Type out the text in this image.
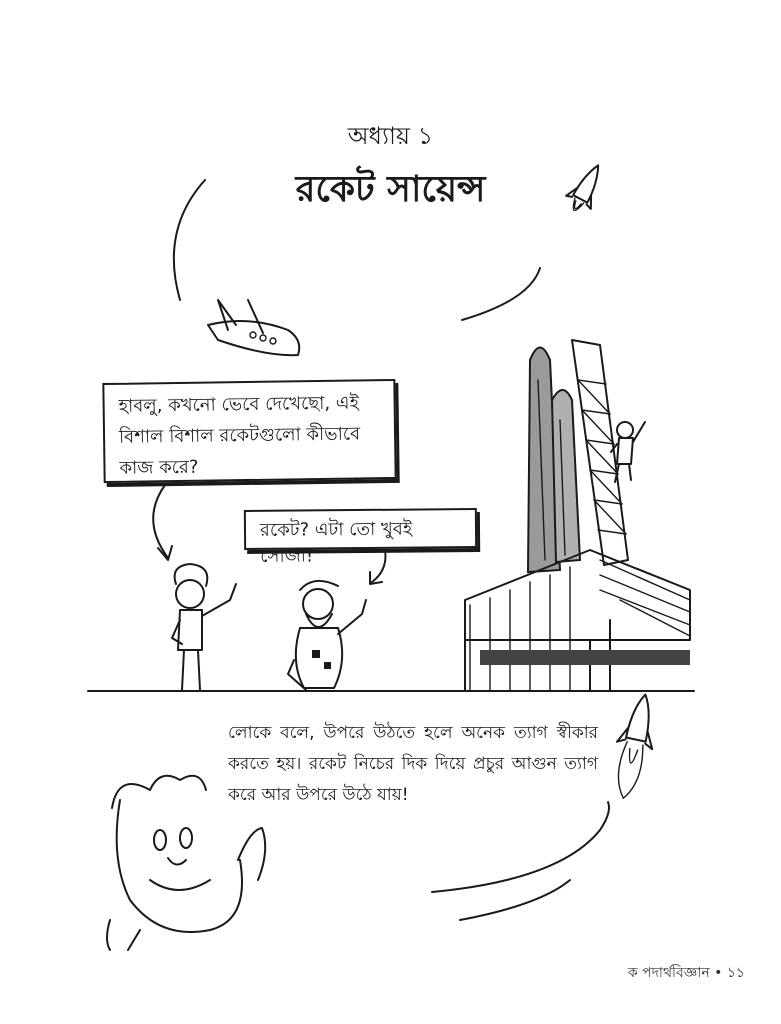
অধ্যায় ১
রকেট সায়েন্স
হাবলু, কখনো ভেবে দেখেছো, এই বিশাল বিশাল রকেটগুলো কীভাবে কাজ করে?
রকেট? এটা তো খুবই সোজা!
লোকে বলে, উপরে উঠতে হলে অনেক ত্যাগ স্বীকার করতে হয়। রকেট নিচের দিক দিয়ে প্রচুর আগুন ত্যাগ করে আর উপরে উঠে যায়!
ক পদার্থবিজ্ঞান • ১১
